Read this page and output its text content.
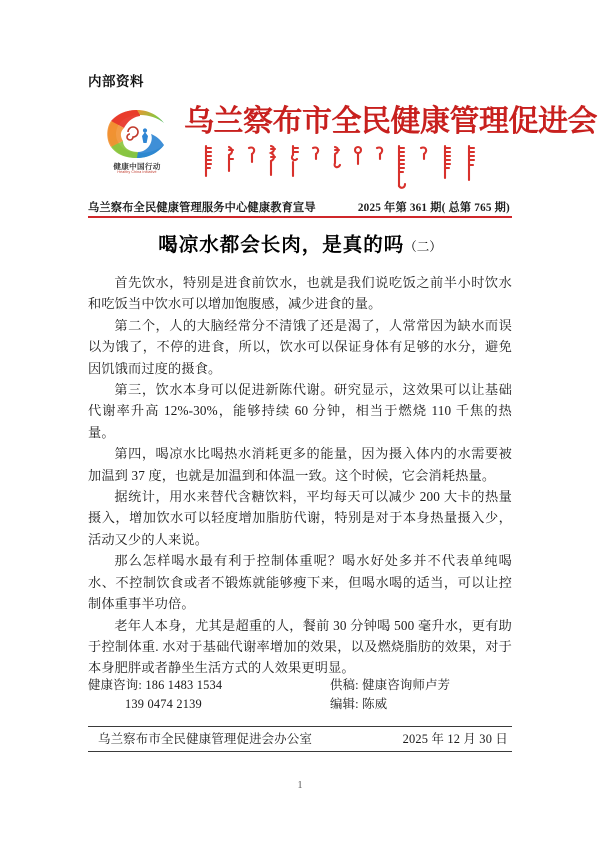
内部资料
健康中国行动
Healthy China Initiative
乌兰察布市全民健康管理促进会
乌兰察布全民健康管理服务中心健康教育宣导	2025 年第 361 期( 总第 765 期)
喝凉水都会长肉，是真的吗（二）

首先饮水，特别是进食前饮水，也就是我们说吃饭之前半小时饮水和吃饭当中饮水可以增加饱腹感，减少进食的量。

第二个，人的大脑经常分不清饿了还是渴了，人常常因为缺水而误以为饿了，不停的进食，所以，饮水可以保证身体有足够的水分，避免因饥饿而过度的摄食。

第三，饮水本身可以促进新陈代谢。研究显示，这效果可以让基础代谢率升高 12%-30%，能够持续 60 分钟，相当于燃烧 110 千焦的热量。

第四，喝凉水比喝热水消耗更多的能量，因为摄入体内的水需要被加温到 37 度，也就是加温到和体温一致。这个时候，它会消耗热量。

据统计，用水来替代含糖饮料，平均每天可以减少 200 大卡的热量摄入，增加饮水可以轻度增加脂肪代谢，特别是对于本身热量摄入少，活动又少的人来说。

那么怎样喝水最有利于控制体重呢？喝水好处多并不代表单纯喝水、不控制饮食或者不锻炼就能够瘦下来，但喝水喝的适当，可以让控制体重事半功倍。

老年人本身，尤其是超重的人，餐前 30 分钟喝 500 毫升水，更有助于控制体重. 水对于基础代谢率增加的效果，以及燃烧脂肪的效果，对于本身肥胖或者静坐生活方式的人效果更明显。

健康咨询: 186 1483 1534
139 0474 2139
供稿: 健康咨询师卢芳
编辑: 陈威
乌兰察布市全民健康管理促进会办公室	2025 年 12 月 30 日
1
